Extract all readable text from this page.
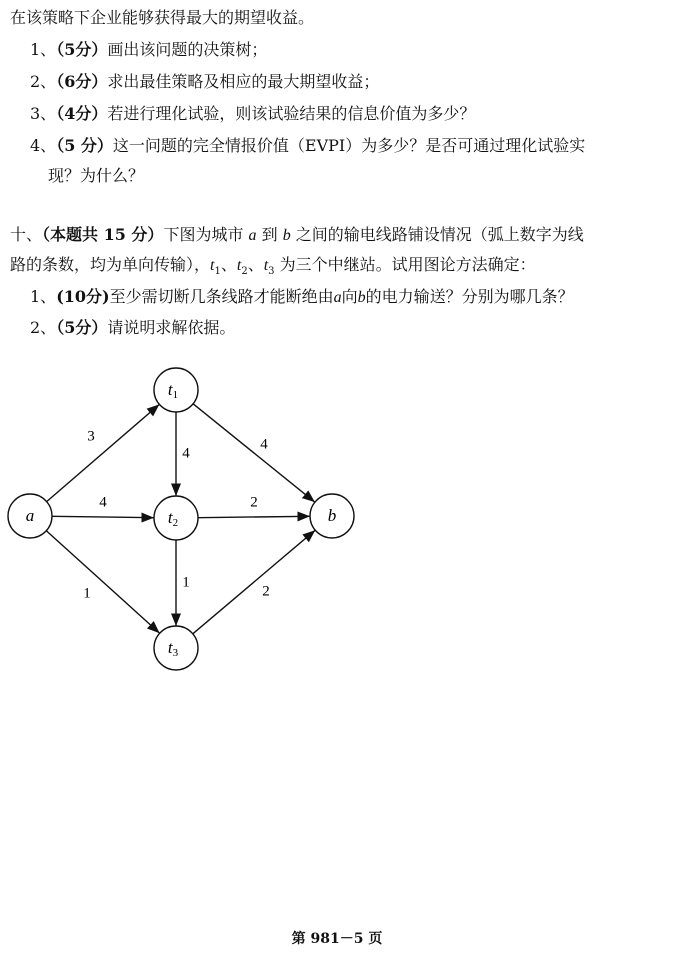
在该策略下企业能够获得最大的期望收益。
1、（5分）画出该问题的决策树；
2、（6分）求出最佳策略及相应的最大期望收益；
3、（4分）若进行理化试验，则该试验结果的信息价值为多少？
4、（5 分）这一问题的完全情报价值（EVPI）为多少？是否可通过理化试验实
现？为什么？
十、（本题共 15 分）下图为城市 a 到 b 之间的输电线路铺设情况（弧上数字为线
路的条数，均为单向传输），$t_1$、$t_2$、$t_3$ 为三个中继站。试用图论方法确定：
1、(10分)至少需切断几条线路才能断绝由a向b的电力输送？分别为哪几条？
2、（5分）请说明求解依据。
3
4
1
4
4
2
1
2
a
$t_1$
$t_2$
$t_3$
b
第 981－5 页
